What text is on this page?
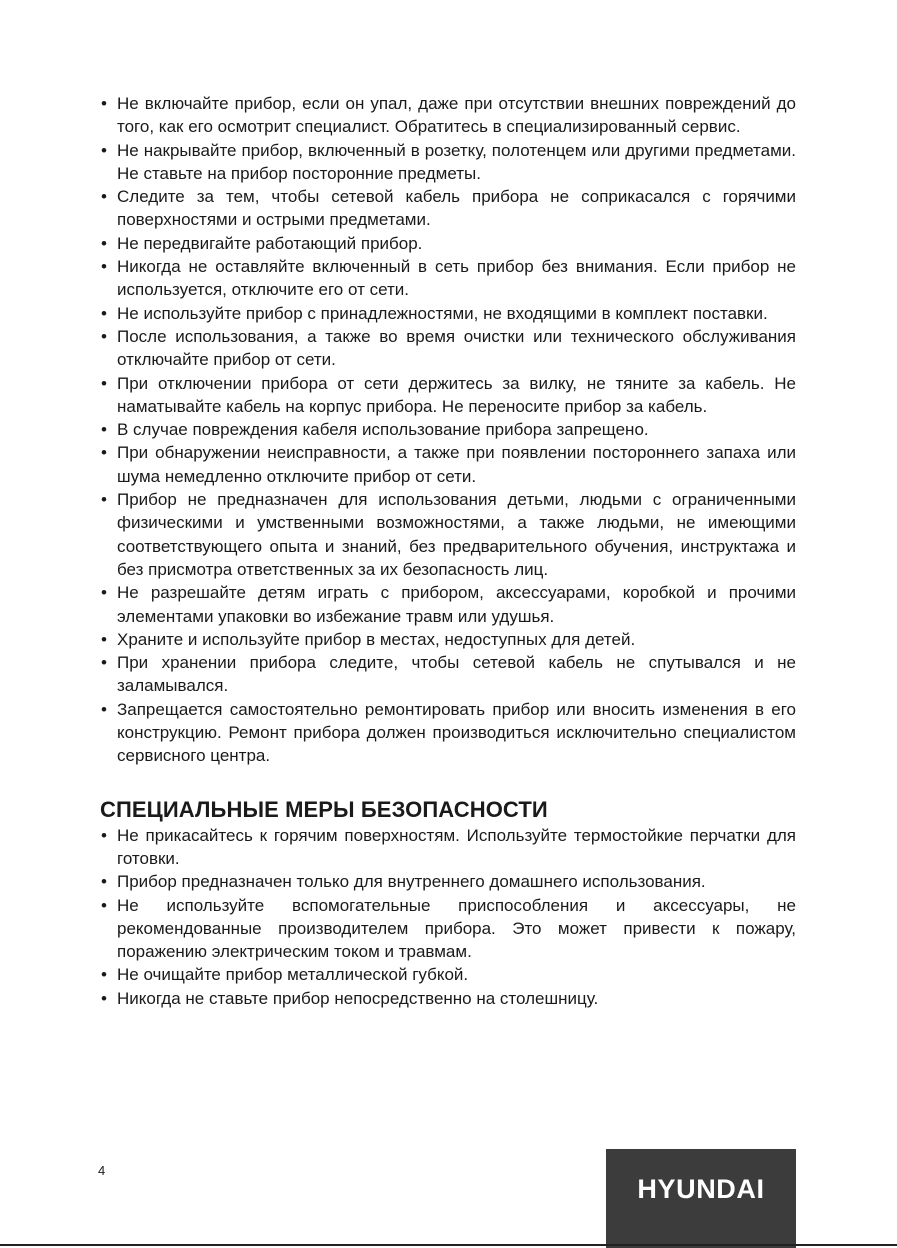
• Не включайте прибор, если он упал, даже при отсутствии внешних повреждений до того, как его осмотрит специалист. Обратитесь в специализированный сервис.
• Не накрывайте прибор, включенный в розетку, полотенцем или другими предметами. Не ставьте на прибор посторонние предметы.
• Следите за тем, чтобы сетевой кабель прибора не соприкасался с горячими поверхностями и острыми предметами.
• Не передвигайте работающий прибор.
• Никогда не оставляйте включенный в сеть прибор без внимания. Если прибор не используется, отключите его от сети.
• Не используйте прибор с принадлежностями, не входящими в комплект поставки.
• После использования, а также во время очистки или технического обслуживания отключайте прибор от сети.
• При отключении прибора от сети держитесь за вилку, не тяните за кабель. Не наматывайте кабель на корпус прибора. Не переносите прибор за кабель.
• В случае повреждения кабеля использование прибора запрещено.
• При обнаружении неисправности, а также при появлении постороннего запаха или шума немедленно отключите прибор от сети.
• Прибор не предназначен для использования детьми, людьми с ограниченными физическими и умственными возможностями, а также людьми, не имеющими соответствующего опыта и знаний, без предварительного обучения, инструктажа и без присмотра ответственных за их безопасность лиц.
• Не разрешайте детям играть с прибором, аксессуарами, коробкой и прочими элементами упаковки во избежание травм или удушья.
• Храните и используйте прибор в местах, недоступных для детей.
• При хранении прибора следите, чтобы сетевой кабель не спутывался и не заламывался.
• Запрещается самостоятельно ремонтировать прибор или вносить изменения в его конструкцию. Ремонт прибора должен производиться исключительно специалистом сервисного центра.
СПЕЦИАЛЬНЫЕ МЕРЫ БЕЗОПАСНОСТИ
• Не прикасайтесь к горячим поверхностям. Используйте термостойкие перчатки для готовки.
• Прибор предназначен только для внутреннего домашнего использования.
• Не используйте вспомогательные приспособления и аксессуары, не рекомендованные производителем прибора. Это может привести к пожару, поражению электрическим током и травмам.
• Не очищайте прибор металлической губкой.
• Никогда не ставьте прибор непосредственно на столешницу.
4
HYUNDAI
